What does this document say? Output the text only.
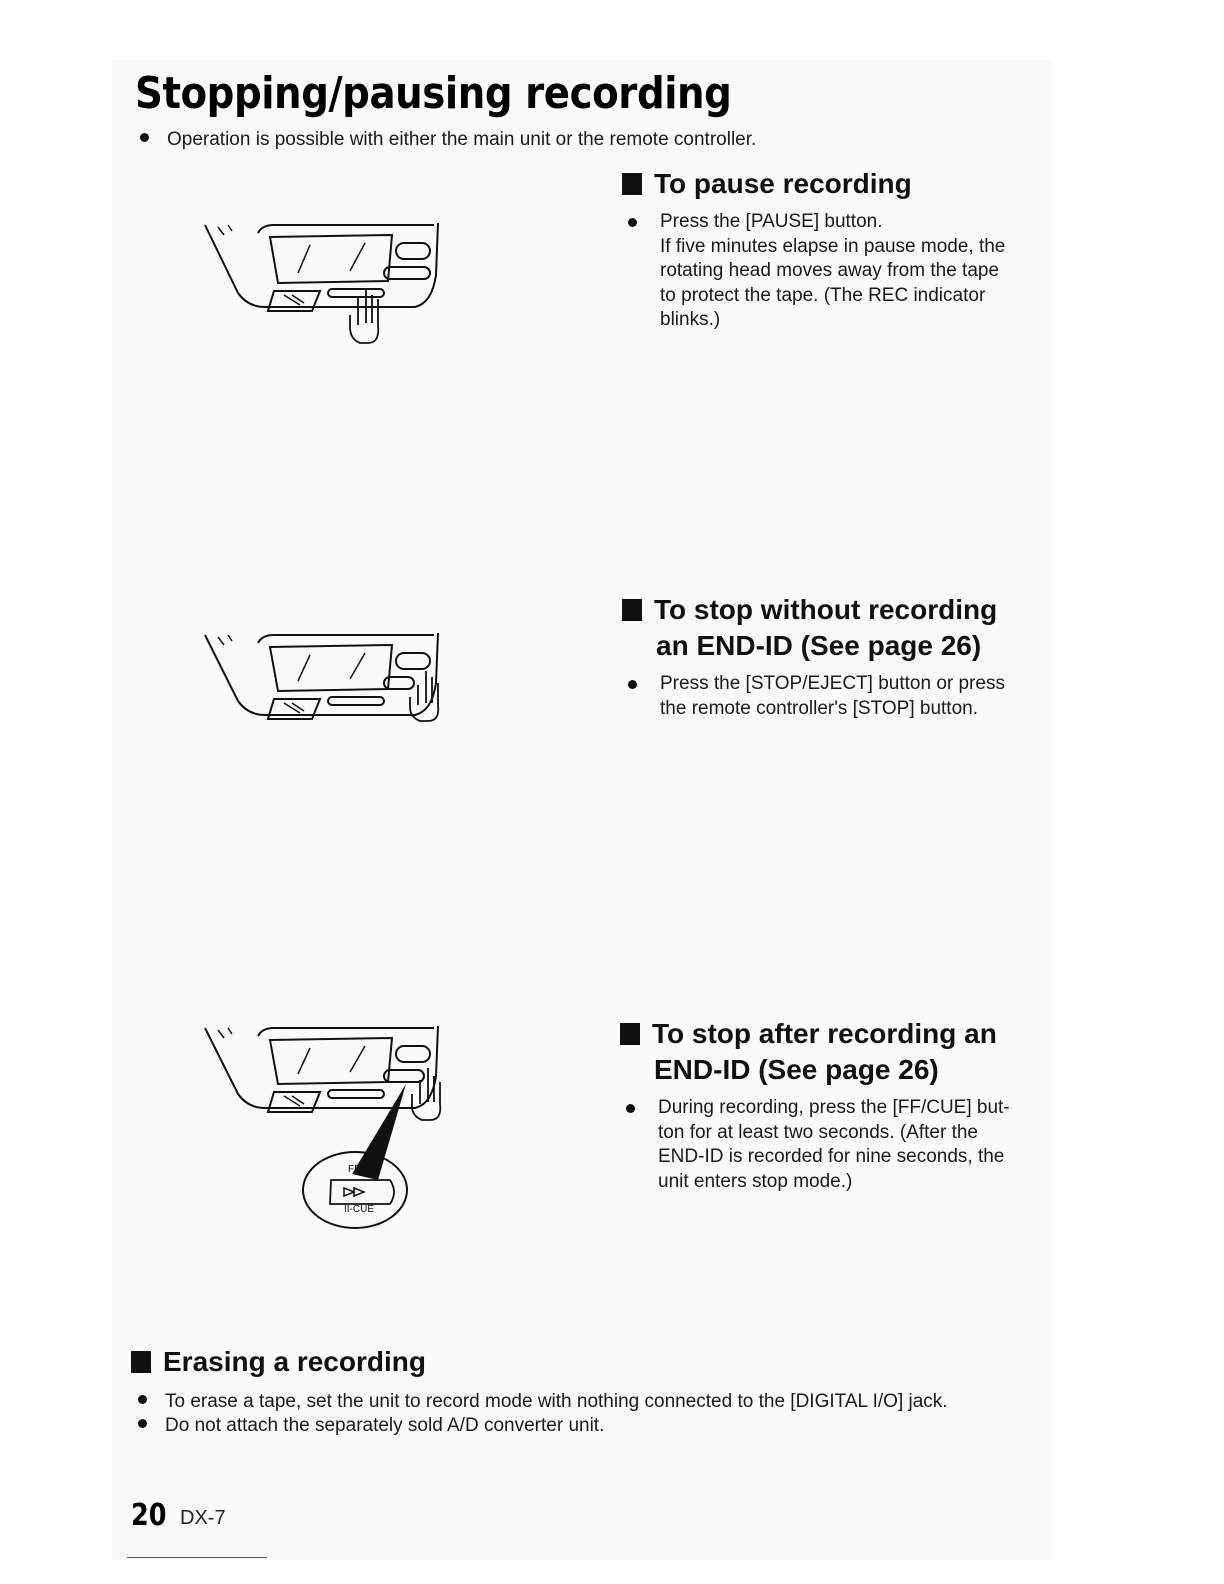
Stopping/pausing recording
Operation is possible with either the main unit or the remote controller.
To pause recording
Press the [PAUSE] button.
If five minutes elapse in pause mode, the
rotating head moves away from the tape
to protect the tape. (The REC indicator
blinks.)
To stop without recording
an END-ID (See page 26)
Press the [STOP/EJECT] button or press
the remote controller's [STOP] button.
FF
II-CUE
To stop after recording an
END-ID (See page 26)
During recording, press the [FF/CUE] but-
ton for at least two seconds. (After the
END-ID is recorded for nine seconds, the
unit enters stop mode.)
Erasing a recording
To erase a tape, set the unit to record mode with nothing connected to the [DIGITAL I/O] jack.
Do not attach the separately sold A/D converter unit.
20 DX-7
